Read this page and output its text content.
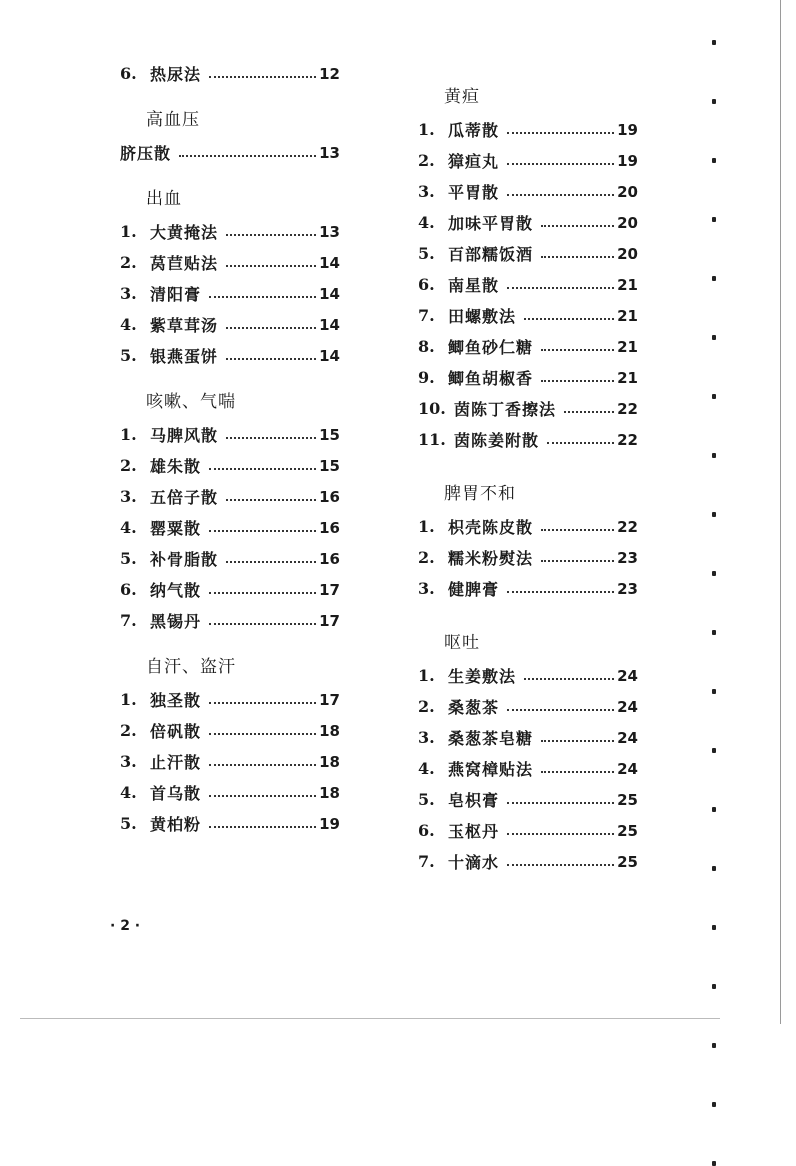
6. 热尿法	12
高血压
脐压散	13
出血
1. 大黄掩法	13
2. 莴苣贴法	14
3. 清阳膏	14
4. 紫草茸汤	14
5. 银燕蛋饼	14
咳嗽、气喘
1. 马脾风散	15
2. 雄朱散	15
3. 五倍子散	16
4. 罂粟散	16
5. 补骨脂散	16
6. 纳气散	17
7. 黑锡丹	17
自汗、盗汗
1. 独圣散	17
2. 倍矾散	18
3. 止汗散	18
4. 首乌散	18
5. 黄柏粉	19
黄疸
1. 瓜蒂散	19
2. 獐疸丸	19
3. 平胃散	20
4. 加味平胃散	20
5. 百部糯饭酒	20
6. 南星散	21
7. 田螺敷法	21
8. 鲫鱼砂仁糖	21
9. 鲫鱼胡椒香	21
10. 茵陈丁香擦法	22
11. 茵陈姜附散	22
脾胃不和
1. 枳壳陈皮散	22
2. 糯米粉熨法	23
3. 健脾膏	23
呕吐
1. 生姜敷法	24
2. 桑葱茶	24
3. 桑葱茶皂糖	24
4. 燕窝樟贴法	24
5. 皂枳膏	25
6. 玉枢丹	25
7. 十滴水	25
· 2 ·
